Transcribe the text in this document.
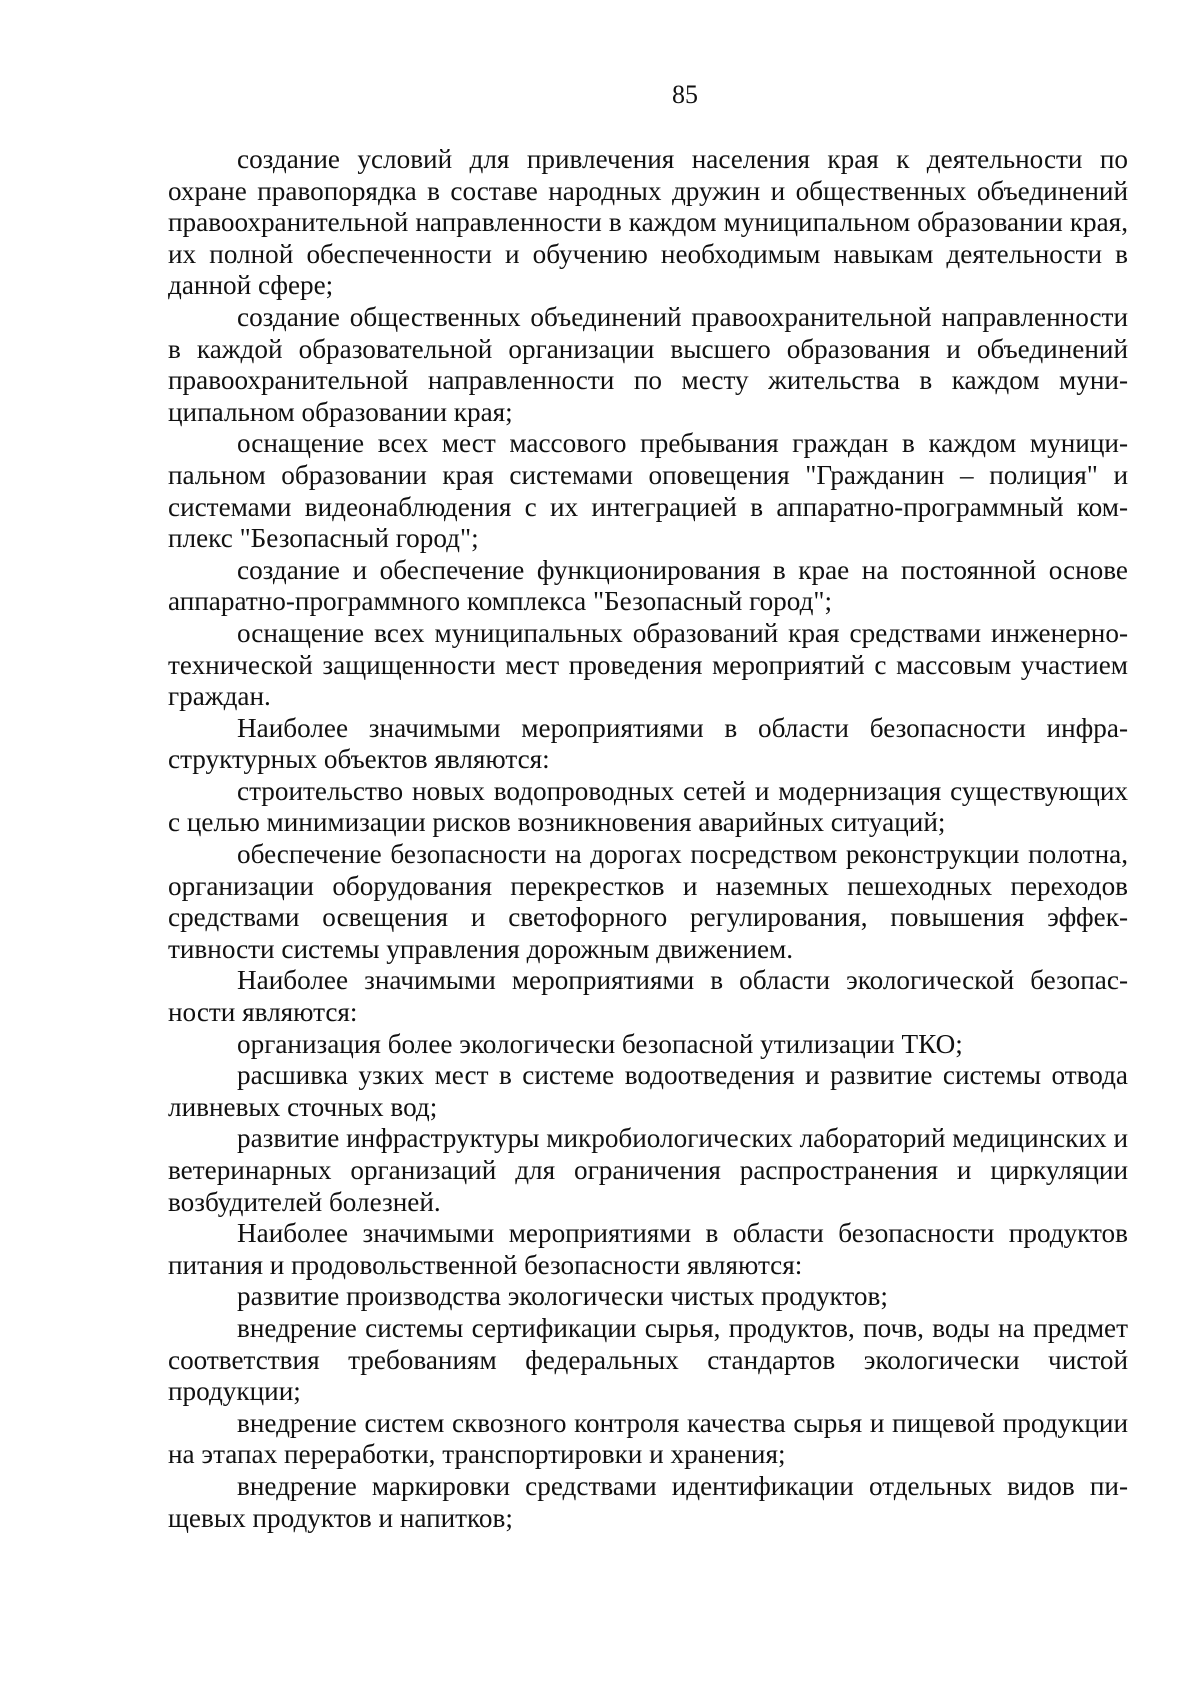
85

создание условий для привлечения населения края к деятельности по охране правопорядка в составе народных дружин и общественных объединений правоохранительной направленности в каждом муниципальном образовании края, их полной обеспеченности и обучению необходимым навыкам деятельности в данной сфере;

создание общественных объединений правоохранительной направленности в каждой образовательной организации высшего образования и объединений правоохранительной направленности по месту жительства в каждом муниципальном образовании края;

оснащение всех мест массового пребывания граждан в каждом муниципальном образовании края системами оповещения "Гражданин – полиция" и системами видеонаблюдения с их интеграцией в аппаратно-программный комплекс "Безопасный город";

создание и обеспечение функционирования в крае на постоянной основе аппаратно-программного комплекса "Безопасный город";

оснащение всех муниципальных образований края средствами инженерно-технической защищенности мест проведения мероприятий с массовым участием граждан.

Наиболее значимыми мероприятиями в области безопасности инфраструктурных объектов являются:

строительство новых водопроводных сетей и модернизация существующих с целью минимизации рисков возникновения аварийных ситуаций;

обеспечение безопасности на дорогах посредством реконструкции полотна, организации оборудования перекрестков и наземных пешеходных переходов средствами освещения и светофорного регулирования, повышения эффективности системы управления дорожным движением.

Наиболее значимыми мероприятиями в области экологической безопасности являются:

организация более экологически безопасной утилизации ТКО;

расшивка узких мест в системе водоотведения и развитие системы отвода ливневых сточных вод;

развитие инфраструктуры микробиологических лабораторий медицинских и ветеринарных организаций для ограничения распространения и циркуляции возбудителей болезней.

Наиболее значимыми мероприятиями в области безопасности продуктов питания и продовольственной безопасности являются:

развитие производства экологически чистых продуктов;

внедрение системы сертификации сырья, продуктов, почв, воды на предмет соответствия требованиям федеральных стандартов экологически чистой продукции;

внедрение систем сквозного контроля качества сырья и пищевой продукции на этапах переработки, транспортировки и хранения;

внедрение маркировки средствами идентификации отдельных видов пищевых продуктов и напитков;
